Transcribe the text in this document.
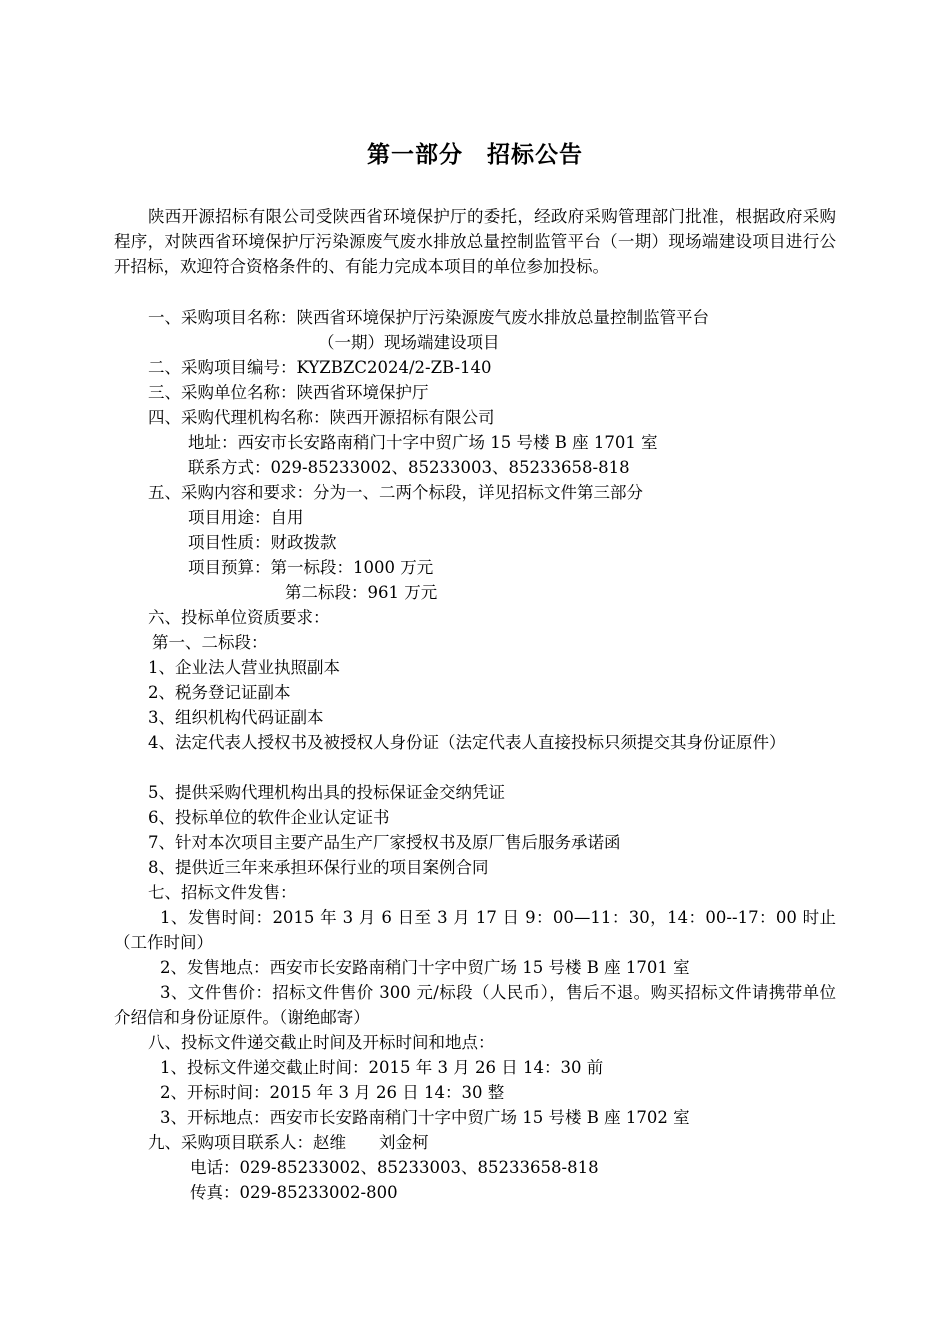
第一部分　招标公告
陕西开源招标有限公司受陕西省环境保护厅的委托，经政府采购管理部门批准，根据政府采购程序，对陕西省环境保护厅污染源废气废水排放总量控制监管平台（一期）现场端建设项目进行公开招标，欢迎符合资格条件的、有能力完成本项目的单位参加投标。
一、采购项目名称：陕西省环境保护厅污染源废气废水排放总量控制监管平台
（一期）现场端建设项目
二、采购项目编号：KYZBZC2024/2-ZB-140
三、采购单位名称：陕西省环境保护厅
四、采购代理机构名称：陕西开源招标有限公司
地址：西安市长安路南稍门十字中贸广场 15 号楼 B 座 1701 室
联系方式：029-85233002、85233003、85233658-818
五、采购内容和要求：分为一、二两个标段，详见招标文件第三部分
项目用途：自用
项目性质：财政拨款
项目预算：第一标段：1000 万元
第二标段：961 万元
六、投标单位资质要求：
第一、二标段：
1、企业法人营业执照副本
2、税务登记证副本
3、组织机构代码证副本
4、法定代表人授权书及被授权人身份证（法定代表人直接投标只须提交其身份证原件）
5、提供采购代理机构出具的投标保证金交纳凭证
6、投标单位的软件企业认定证书
7、针对本次项目主要产品生产厂家授权书及原厂售后服务承诺函
8、提供近三年来承担环保行业的项目案例合同
七、招标文件发售：
1、发售时间：2015 年 3 月 6 日至 3 月 17 日 9：00—11：30，14：00--17：00 时止（工作时间）
2、发售地点：西安市长安路南稍门十字中贸广场 15 号楼 B 座 1701 室
3、文件售价：招标文件售价 300 元/标段（人民币），售后不退。购买招标文件请携带单位介绍信和身份证原件。（谢绝邮寄）
八、投标文件递交截止时间及开标时间和地点：
1、投标文件递交截止时间：2015 年 3 月 26 日 14：30 前
2、开标时间：2015 年 3 月 26 日 14：30 整
3、开标地点：西安市长安路南稍门十字中贸广场 15 号楼 B 座 1702 室
九、采购项目联系人：赵维　　刘金柯
电话：029-85233002、85233003、85233658-818
传真：029-85233002-800
